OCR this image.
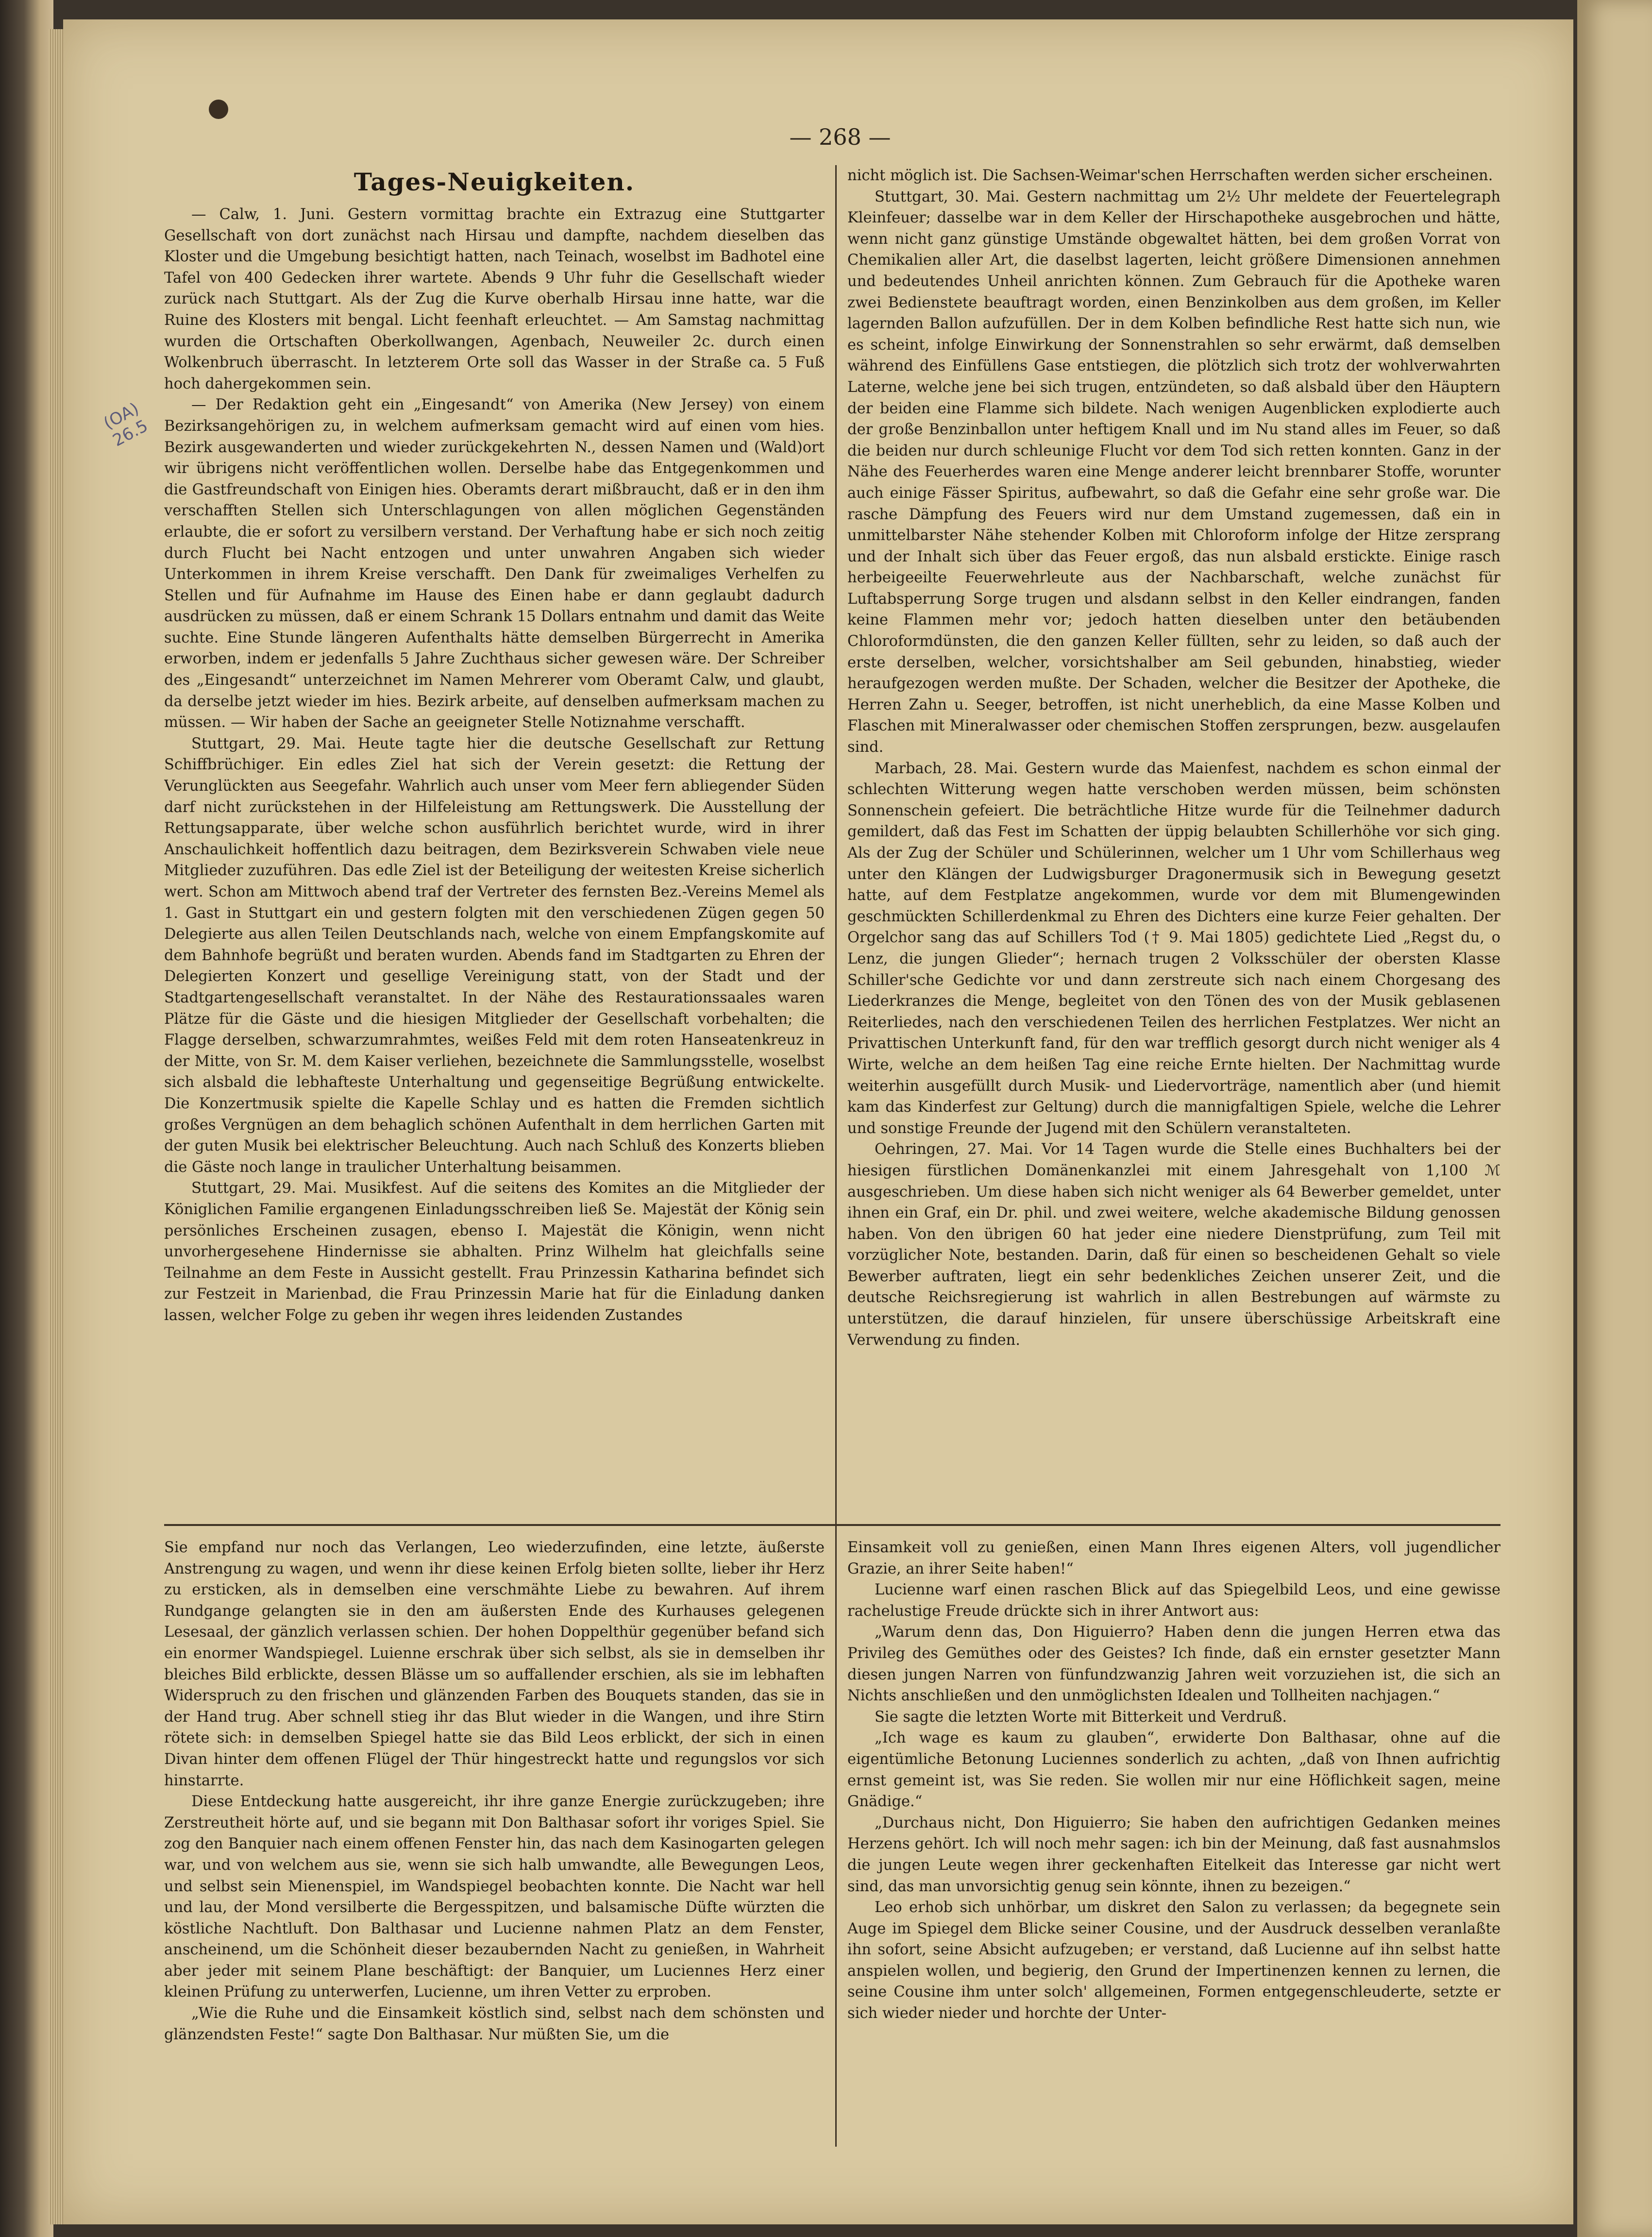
— 268 —
Tages-Neuigkeiten.
(OA) 26.5

— Calw, 1. Juni. Gestern vormittag brachte ein Extrazug eine Stuttgarter Gesellschaft von dort zunächst nach Hirsau und dampfte, nachdem dieselben das Kloster und die Umgebung besichtigt hatten, nach Teinach, woselbst im Badhotel eine Tafel von 400 Gedecken ihrer wartete. Abends 9 Uhr fuhr die Gesellschaft wieder zurück nach Stuttgart. Als der Zug die Kurve oberhalb Hirsau inne hatte, war die Ruine des Klosters mit bengal. Licht feenhaft erleuchtet. — Am Samstag nachmittag wurden die Ortschaften Oberkollwangen, Agenbach, Neuweiler 2c. durch einen Wolkenbruch überrascht. In letzterem Orte soll das Wasser in der Straße ca. 5 Fuß hoch dahergekommen sein.

— Der Redaktion geht ein „Eingesandt“ von Amerika (New Jersey) von einem Bezirksangehörigen zu, in welchem aufmerksam gemacht wird auf einen vom hies. Bezirk ausgewanderten und wieder zurückgekehrten N., dessen Namen und (Wald)ort wir übrigens nicht veröffentlichen wollen. Derselbe habe das Entgegenkommen und die Gastfreundschaft von Einigen hies. Oberamts derart mißbraucht, daß er in den ihm verschafften Stellen sich Unterschlagungen von allen möglichen Gegenständen erlaubte, die er sofort zu versilbern verstand. Der Verhaftung habe er sich noch zeitig durch Flucht bei Nacht entzogen und unter unwahren Angaben sich wieder Unterkommen in ihrem Kreise verschafft. Den Dank für zweimaliges Verhelfen zu Stellen und für Aufnahme im Hause des Einen habe er dann geglaubt dadurch ausdrücken zu müssen, daß er einem Schrank 15 Dollars entnahm und damit das Weite suchte. Eine Stunde längeren Aufenthalts hätte demselben Bürgerrecht in Amerika erworben, indem er jedenfalls 5 Jahre Zuchthaus sicher gewesen wäre. Der Schreiber des „Eingesandt“ unterzeichnet im Namen Mehrerer vom Oberamt Calw, und glaubt, da derselbe jetzt wieder im hies. Bezirk arbeite, auf denselben aufmerksam machen zu müssen. — Wir haben der Sache an geeigneter Stelle Notiznahme verschafft.

Stuttgart, 29. Mai. Heute tagte hier die deutsche Gesellschaft zur Rettung Schiffbrüchiger. Ein edles Ziel hat sich der Verein gesetzt: die Rettung der Verunglückten aus Seegefahr. Wahrlich auch unser vom Meer fern abliegender Süden darf nicht zurückstehen in der Hilfeleistung am Rettungswerk. Die Ausstellung der Rettungsapparate, über welche schon ausführlich berichtet wurde, wird in ihrer Anschaulichkeit hoffentlich dazu beitragen, dem Bezirksverein Schwaben viele neue Mitglieder zuzuführen. Das edle Ziel ist der Beteiligung der weitesten Kreise sicherlich wert. Schon am Mittwoch abend traf der Vertreter des fernsten Bez.-Vereins Memel als 1. Gast in Stuttgart ein und gestern folgten mit den verschiedenen Zügen gegen 50 Delegierte aus allen Teilen Deutschlands nach, welche von einem Empfangskomite auf dem Bahnhofe begrüßt und beraten wurden. Abends fand im Stadtgarten zu Ehren der Delegierten Konzert und gesellige Vereinigung statt, von der Stadt und der Stadtgartengesellschaft veranstaltet. In der Nähe des Restaurationssaales waren Plätze für die Gäste und die hiesigen Mitglieder der Gesellschaft vorbehalten; die Flagge derselben, schwarzumrahmtes, weißes Feld mit dem roten Hanseatenkreuz in der Mitte, von Sr. M. dem Kaiser verliehen, bezeichnete die Sammlungsstelle, woselbst sich alsbald die lebhafteste Unterhaltung und gegenseitige Begrüßung entwickelte. Die Konzertmusik spielte die Kapelle Schlay und es hatten die Fremden sichtlich großes Vergnügen an dem behaglich schönen Aufenthalt in dem herrlichen Garten mit der guten Musik bei elektrischer Beleuchtung. Auch nach Schluß des Konzerts blieben die Gäste noch lange in traulicher Unterhaltung beisammen.

Stuttgart, 29. Mai. Musikfest. Auf die seitens des Komites an die Mitglieder der Königlichen Familie ergangenen Einladungsschreiben ließ Se. Majestät der König sein persönliches Erscheinen zusagen, ebenso I. Majestät die Königin, wenn nicht unvorhergesehene Hindernisse sie abhalten. Prinz Wilhelm hat gleichfalls seine Teilnahme an dem Feste in Aussicht gestellt. Frau Prinzessin Katharina befindet sich zur Festzeit in Marienbad, die Frau Prinzessin Marie hat für die Einladung danken lassen, welcher Folge zu geben ihr wegen ihres leidenden Zustandes

nicht möglich ist. Die Sachsen-Weimar'schen Herrschaften werden sicher erscheinen.

Stuttgart, 30. Mai. Gestern nachmittag um 2½ Uhr meldete der Feuertelegraph Kleinfeuer; dasselbe war in dem Keller der Hirschapotheke ausgebrochen und hätte, wenn nicht ganz günstige Umstände obgewaltet hätten, bei dem großen Vorrat von Chemikalien aller Art, die daselbst lagerten, leicht größere Dimensionen annehmen und bedeutendes Unheil anrichten können. Zum Gebrauch für die Apotheke waren zwei Bedienstete beauftragt worden, einen Benzinkolben aus dem großen, im Keller lagernden Ballon aufzufüllen. Der in dem Kolben befindliche Rest hatte sich nun, wie es scheint, infolge Einwirkung der Sonnenstrahlen so sehr erwärmt, daß demselben während des Einfüllens Gase entstiegen, die plötzlich sich trotz der wohlverwahrten Laterne, welche jene bei sich trugen, entzündeten, so daß alsbald über den Häuptern der beiden eine Flamme sich bildete. Nach wenigen Augenblicken explodierte auch der große Benzinballon unter heftigem Knall und im Nu stand alles im Feuer, so daß die beiden nur durch schleunige Flucht vor dem Tod sich retten konnten. Ganz in der Nähe des Feuerherdes waren eine Menge anderer leicht brennbarer Stoffe, worunter auch einige Fässer Spiritus, aufbewahrt, so daß die Gefahr eine sehr große war. Die rasche Dämpfung des Feuers wird nur dem Umstand zugemessen, daß ein in unmittelbarster Nähe stehender Kolben mit Chloroform infolge der Hitze zersprang und der Inhalt sich über das Feuer ergoß, das nun alsbald erstickte. Einige rasch herbeigeeilte Feuerwehrleute aus der Nachbarschaft, welche zunächst für Luftabsperrung Sorge trugen und alsdann selbst in den Keller eindrangen, fanden keine Flammen mehr vor; jedoch hatten dieselben unter den betäubenden Chloroformdünsten, die den ganzen Keller füllten, sehr zu leiden, so daß auch der erste derselben, welcher, vorsichtshalber am Seil gebunden, hinabstieg, wieder heraufgezogen werden mußte. Der Schaden, welcher die Besitzer der Apotheke, die Herren Zahn u. Seeger, betroffen, ist nicht unerheblich, da eine Masse Kolben und Flaschen mit Mineralwasser oder chemischen Stoffen zersprungen, bezw. ausgelaufen sind.

Marbach, 28. Mai. Gestern wurde das Maienfest, nachdem es schon einmal der schlechten Witterung wegen hatte verschoben werden müssen, beim schönsten Sonnenschein gefeiert. Die beträchtliche Hitze wurde für die Teilnehmer dadurch gemildert, daß das Fest im Schatten der üppig belaubten Schillerhöhe vor sich ging. Als der Zug der Schüler und Schülerinnen, welcher um 1 Uhr vom Schillerhaus weg unter den Klängen der Ludwigsburger Dragonermusik sich in Bewegung gesetzt hatte, auf dem Festplatze angekommen, wurde vor dem mit Blumengewinden geschmückten Schillerdenkmal zu Ehren des Dichters eine kurze Feier gehalten. Der Orgelchor sang das auf Schillers Tod († 9. Mai 1805) gedichtete Lied „Regst du, o Lenz, die jungen Glieder“; hernach trugen 2 Volksschüler der obersten Klasse Schiller'sche Gedichte vor und dann zerstreute sich nach einem Chorgesang des Liederkranzes die Menge, begleitet von den Tönen des von der Musik geblasenen Reiterliedes, nach den verschiedenen Teilen des herrlichen Festplatzes. Wer nicht an Privattischen Unterkunft fand, für den war trefflich gesorgt durch nicht weniger als 4 Wirte, welche an dem heißen Tag eine reiche Ernte hielten. Der Nachmittag wurde weiterhin ausgefüllt durch Musik- und Liedervorträge, namentlich aber (und hiemit kam das Kinderfest zur Geltung) durch die mannigfaltigen Spiele, welche die Lehrer und sonstige Freunde der Jugend mit den Schülern veranstalteten.

Oehringen, 27. Mai. Vor 14 Tagen wurde die Stelle eines Buchhalters bei der hiesigen fürstlichen Domänenkanzlei mit einem Jahresgehalt von 1,100 ℳ ausgeschrieben. Um diese haben sich nicht weniger als 64 Bewerber gemeldet, unter ihnen ein Graf, ein Dr. phil. und zwei weitere, welche akademische Bildung genossen haben. Von den übrigen 60 hat jeder eine niedere Dienstprüfung, zum Teil mit vorzüglicher Note, bestanden. Darin, daß für einen so bescheidenen Gehalt so viele Bewerber auftraten, liegt ein sehr bedenkliches Zeichen unserer Zeit, und die deutsche Reichsregierung ist wahrlich in allen Bestrebungen auf wärmste zu unterstützen, die darauf hinzielen, für unsere überschüssige Arbeitskraft eine Verwendung zu finden.

Sie empfand nur noch das Verlangen, Leo wiederzufinden, eine letzte, äußerste Anstrengung zu wagen, und wenn ihr diese keinen Erfolg bieten sollte, lieber ihr Herz zu ersticken, als in demselben eine verschmähte Liebe zu bewahren. Auf ihrem Rundgange gelangten sie in den am äußersten Ende des Kurhauses gelegenen Lesesaal, der gänzlich verlassen schien. Der hohen Doppelthür gegenüber befand sich ein enormer Wandspiegel. Luienne erschrak über sich selbst, als sie in demselben ihr bleiches Bild erblickte, dessen Blässe um so auffallender erschien, als sie im lebhaften Widerspruch zu den frischen und glänzenden Farben des Bouquets standen, das sie in der Hand trug. Aber schnell stieg ihr das Blut wieder in die Wangen, und ihre Stirn rötete sich: in demselben Spiegel hatte sie das Bild Leos erblickt, der sich in einen Divan hinter dem offenen Flügel der Thür hingestreckt hatte und regungslos vor sich hinstarrte.

Diese Entdeckung hatte ausgereicht, ihr ihre ganze Energie zurückzugeben; ihre Zerstreutheit hörte auf, und sie begann mit Don Balthasar sofort ihr voriges Spiel. Sie zog den Banquier nach einem offenen Fenster hin, das nach dem Kasinogarten gelegen war, und von welchem aus sie, wenn sie sich halb umwandte, alle Bewegungen Leos, und selbst sein Mienenspiel, im Wandspiegel beobachten konnte. Die Nacht war hell und lau, der Mond versilberte die Bergesspitzen, und balsamische Düfte würzten die köstliche Nachtluft. Don Balthasar und Lucienne nahmen Platz an dem Fenster, anscheinend, um die Schönheit dieser bezaubernden Nacht zu genießen, in Wahrheit aber jeder mit seinem Plane beschäftigt: der Banquier, um Luciennes Herz einer kleinen Prüfung zu unterwerfen, Lucienne, um ihren Vetter zu erproben.

„Wie die Ruhe und die Einsamkeit köstlich sind, selbst nach dem schönsten und glänzendsten Feste!“ sagte Don Balthasar. Nur müßten Sie, um die

Einsamkeit voll zu genießen, einen Mann Ihres eigenen Alters, voll jugendlicher Grazie, an ihrer Seite haben!“

Lucienne warf einen raschen Blick auf das Spiegelbild Leos, und eine gewisse rachelustige Freude drückte sich in ihrer Antwort aus:

„Warum denn das, Don Higuierro? Haben denn die jungen Herren etwa das Privileg des Gemüthes oder des Geistes? Ich finde, daß ein ernster gesetzter Mann diesen jungen Narren von fünfundzwanzig Jahren weit vorzuziehen ist, die sich an Nichts anschließen und den unmöglichsten Idealen und Tollheiten nachjagen.“

Sie sagte die letzten Worte mit Bitterkeit und Verdruß.

„Ich wage es kaum zu glauben“, erwiderte Don Balthasar, ohne auf die eigentümliche Betonung Luciennes sonderlich zu achten, „daß von Ihnen aufrichtig ernst gemeint ist, was Sie reden. Sie wollen mir nur eine Höflichkeit sagen, meine Gnädige.“

„Durchaus nicht, Don Higuierro; Sie haben den aufrichtigen Gedanken meines Herzens gehört. Ich will noch mehr sagen: ich bin der Meinung, daß fast ausnahmslos die jungen Leute wegen ihrer geckenhaften Eitelkeit das Interesse gar nicht wert sind, das man unvorsichtig genug sein könnte, ihnen zu bezeigen.“

Leo erhob sich unhörbar, um diskret den Salon zu verlassen; da begegnete sein Auge im Spiegel dem Blicke seiner Cousine, und der Ausdruck desselben veranlaßte ihn sofort, seine Absicht aufzugeben; er verstand, daß Lucienne auf ihn selbst hatte anspielen wollen, und begierig, den Grund der Impertinenzen kennen zu lernen, die seine Cousine ihm unter solch' allgemeinen, Formen entgegenschleuderte, setzte er sich wieder nieder und horchte der Unter-
